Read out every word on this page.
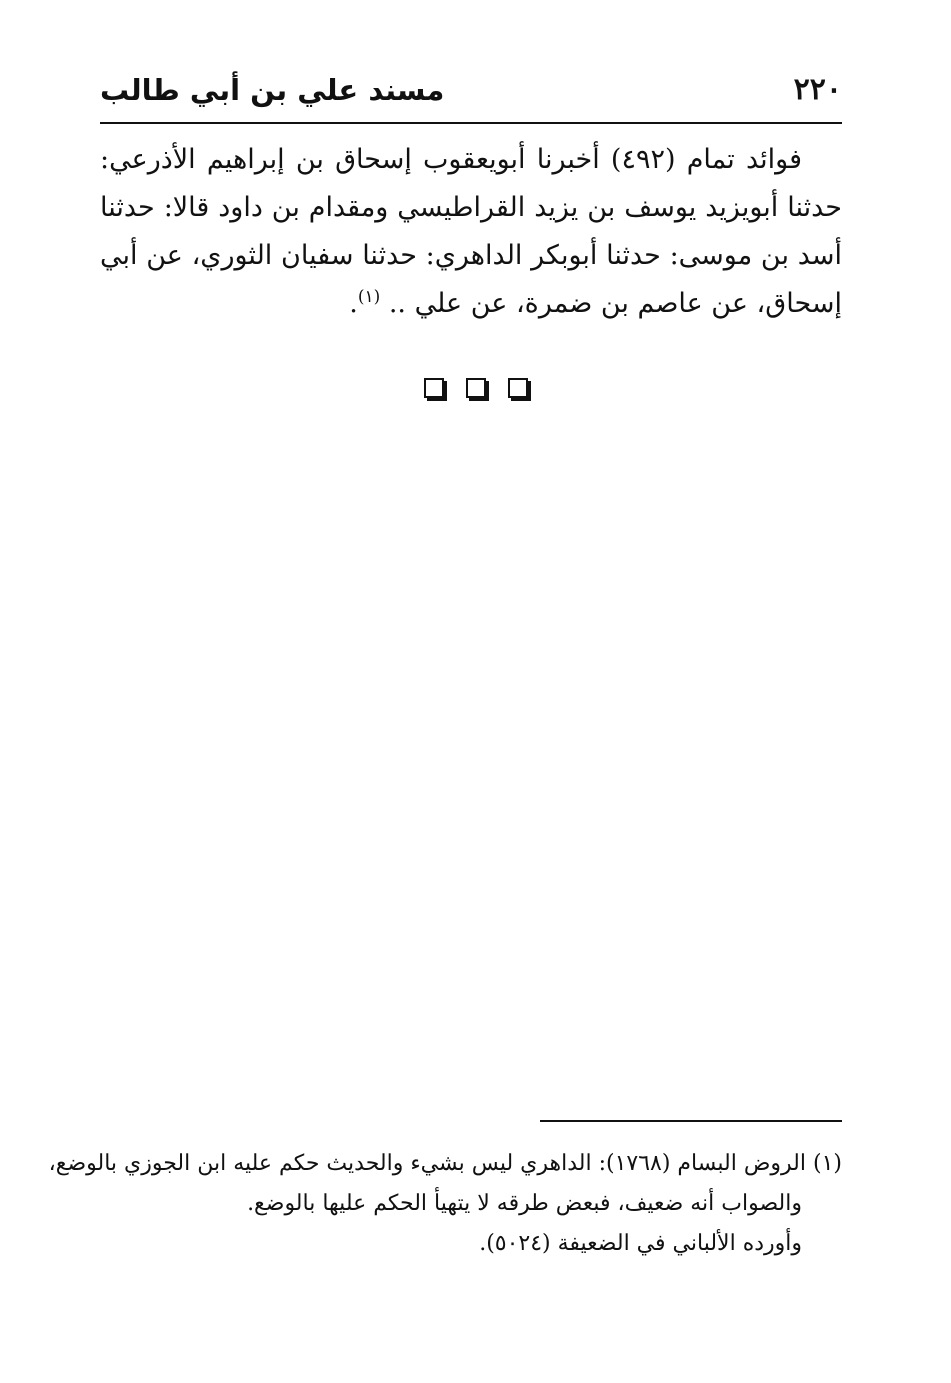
٢٢٠
مسند علي بن أبي طالب

فوائد تمام (٤٩٢) أخبرنا أبويعقوب إسحاق بن إبراهيم الأذرعي: حدثنا أبويزيد يوسف بن يزيد القراطيسي ومقدام بن داود قالا: حدثنا أسد بن موسى: حدثنا أبوبكر الداهري: حدثنا سفيان الثوري، عن أبي إسحاق، عن عاصم بن ضمرة، عن علي .. $^{(١)}$.

(١) الروض البسام (١٧٦٨): الداهري ليس بشيء والحديث حكم عليه ابن الجوزي بالوضع،
والصواب أنه ضعيف، فبعض طرقه لا يتهيأ الحكم عليها بالوضع.
وأورده الألباني في الضعيفة (٥٠٢٤).
